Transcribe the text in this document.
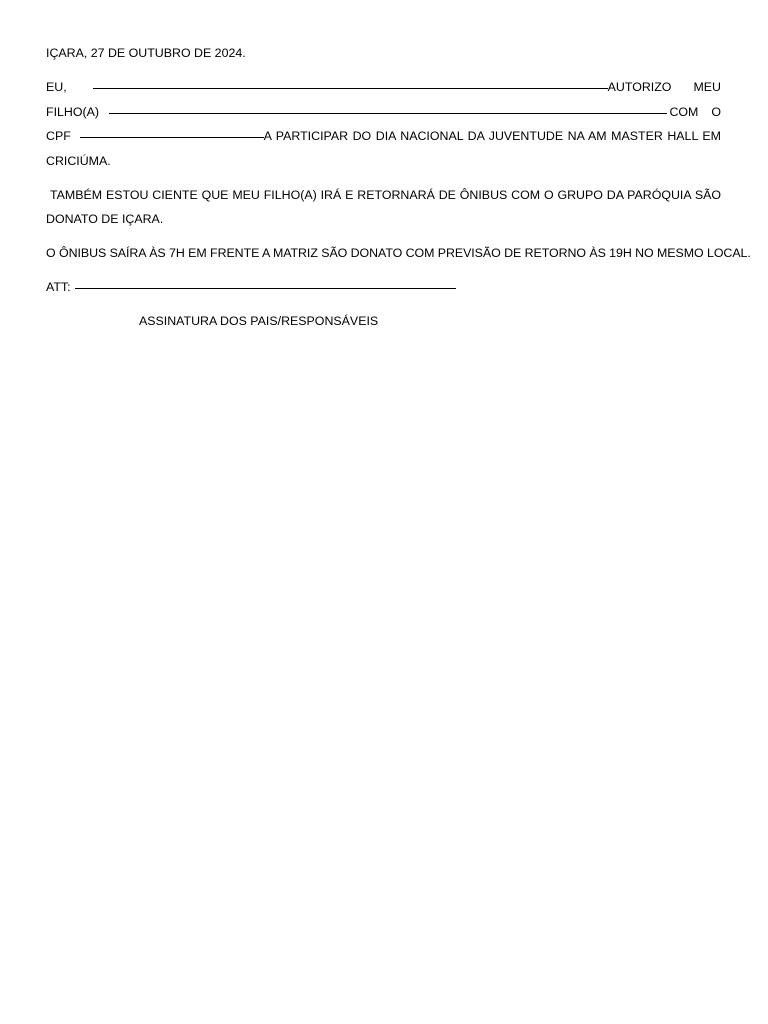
IÇARA, 27 DE OUTUBRO DE 2024.

EU,	AUTORIZO MEU
FILHO(A)	COM O
CPF	A PARTICIPAR DO DIA NACIONAL DA JUVENTUDE NA AM MASTER HALL EM
CRICIÚMA.

TAMBÉM ESTOU CIENTE QUE MEU FILHO(A) IRÁ E RETORNARÁ DE ÔNIBUS COM O GRUPO DA PARÓQUIA SÃO DONATO DE IÇARA.

O ÔNIBUS SAÍRA ÀS 7H EM FRENTE A MATRIZ SÃO DONATO COM PREVISÃO DE RETORNO ÀS 19H NO MESMO LOCAL.

ATT:

ASSINATURA DOS PAIS/RESPONSÁVEIS
